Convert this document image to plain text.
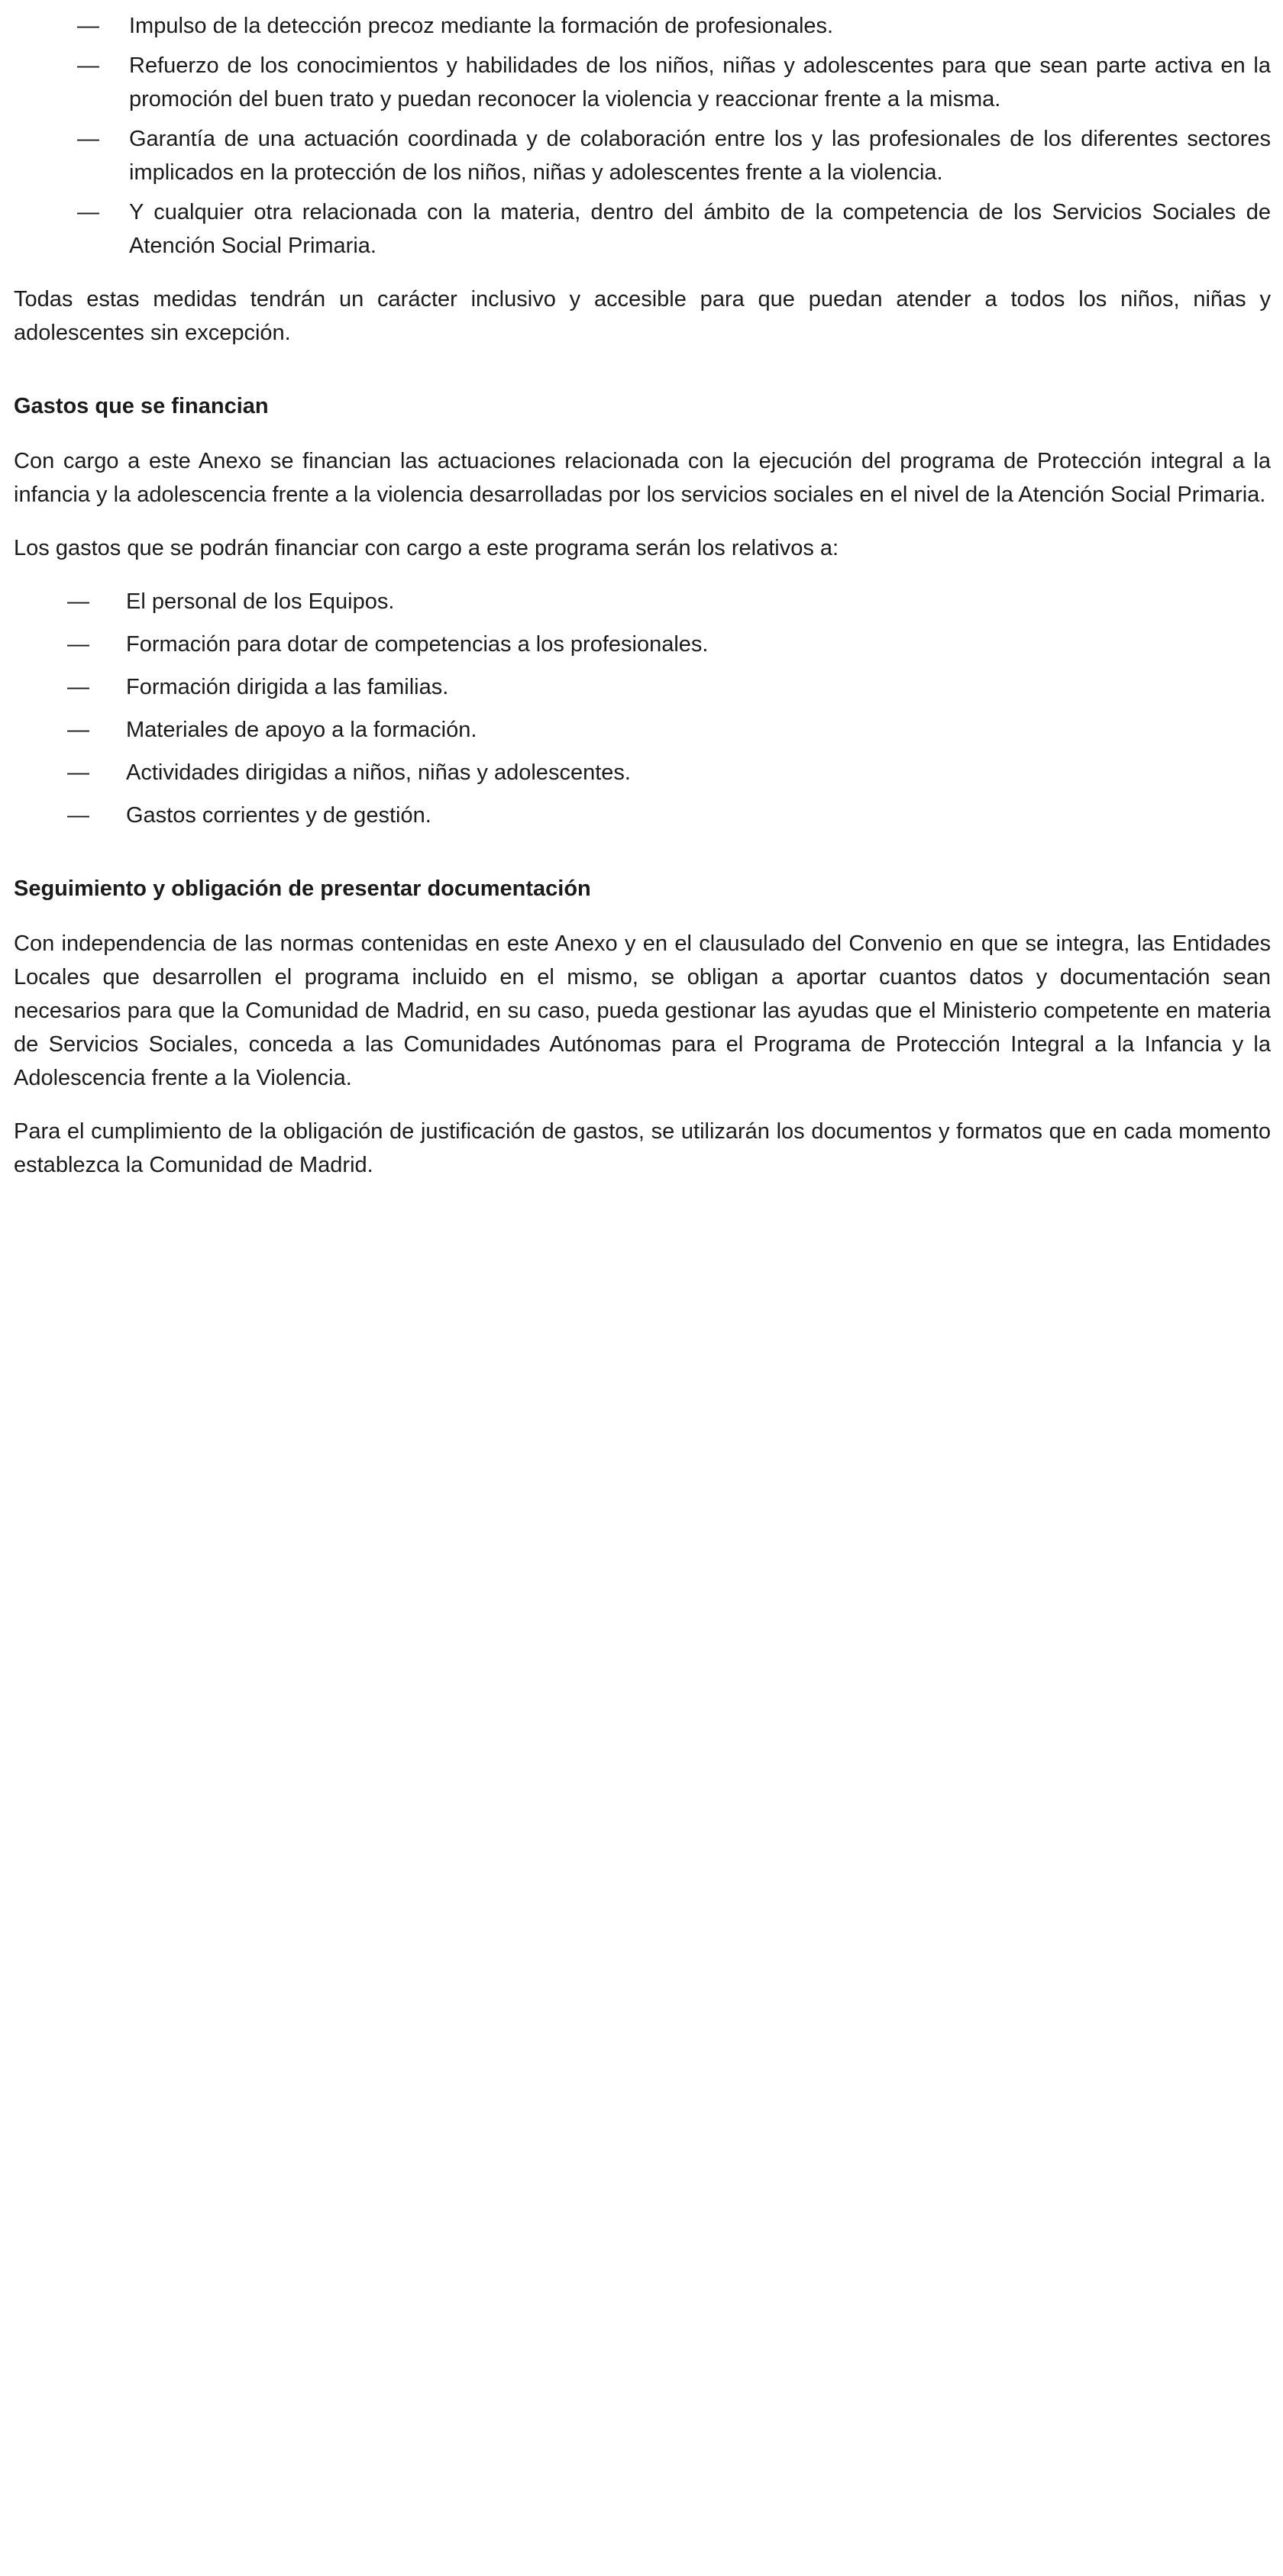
—	Impulso de la detección precoz mediante la formación de profesionales.
—	Refuerzo de los conocimientos y habilidades de los niños, niñas y adolescentes para que sean parte activa en la promoción del buen trato y puedan reconocer la violencia y reaccionar frente a la misma.
—	Garantía de una actuación coordinada y de colaboración entre los y las profesionales de los diferentes sectores implicados en la protección de los niños, niñas y adolescentes frente a la violencia.
—	Y cualquier otra relacionada con la materia, dentro del ámbito de la competencia de los Servicios Sociales de Atención Social Primaria.

Todas estas medidas tendrán un carácter inclusivo y accesible para que puedan atender a todos los niños, niñas y adolescentes sin excepción.

Gastos que se financian

Con cargo a este Anexo se financian las actuaciones relacionada con la ejecución del programa de Protección integral a la infancia y la adolescencia frente a la violencia desarrolladas por los servicios sociales en el nivel de la Atención Social Primaria.

Los gastos que se podrán financiar con cargo a este programa serán los relativos a:

—	El personal de los Equipos.
—	Formación para dotar de competencias a los profesionales.
—	Formación dirigida a las familias.
—	Materiales de apoyo a la formación.
—	Actividades dirigidas a niños, niñas y adolescentes.
—	Gastos corrientes y de gestión.
Seguimiento y obligación de presentar documentación

Con independencia de las normas contenidas en este Anexo y en el clausulado del Convenio en que se integra, las Entidades Locales que desarrollen el programa incluido en el mismo, se obligan a aportar cuantos datos y documentación sean necesarios para que la Comunidad de Madrid, en su caso, pueda gestionar las ayudas que el Ministerio competente en materia de Servicios Sociales, conceda a las Comunidades Autónomas para el Programa de Protección Integral a la Infancia y la Adolescencia frente a la Violencia.

Para el cumplimiento de la obligación de justificación de gastos, se utilizarán los documentos y formatos que en cada momento establezca la Comunidad de Madrid.
